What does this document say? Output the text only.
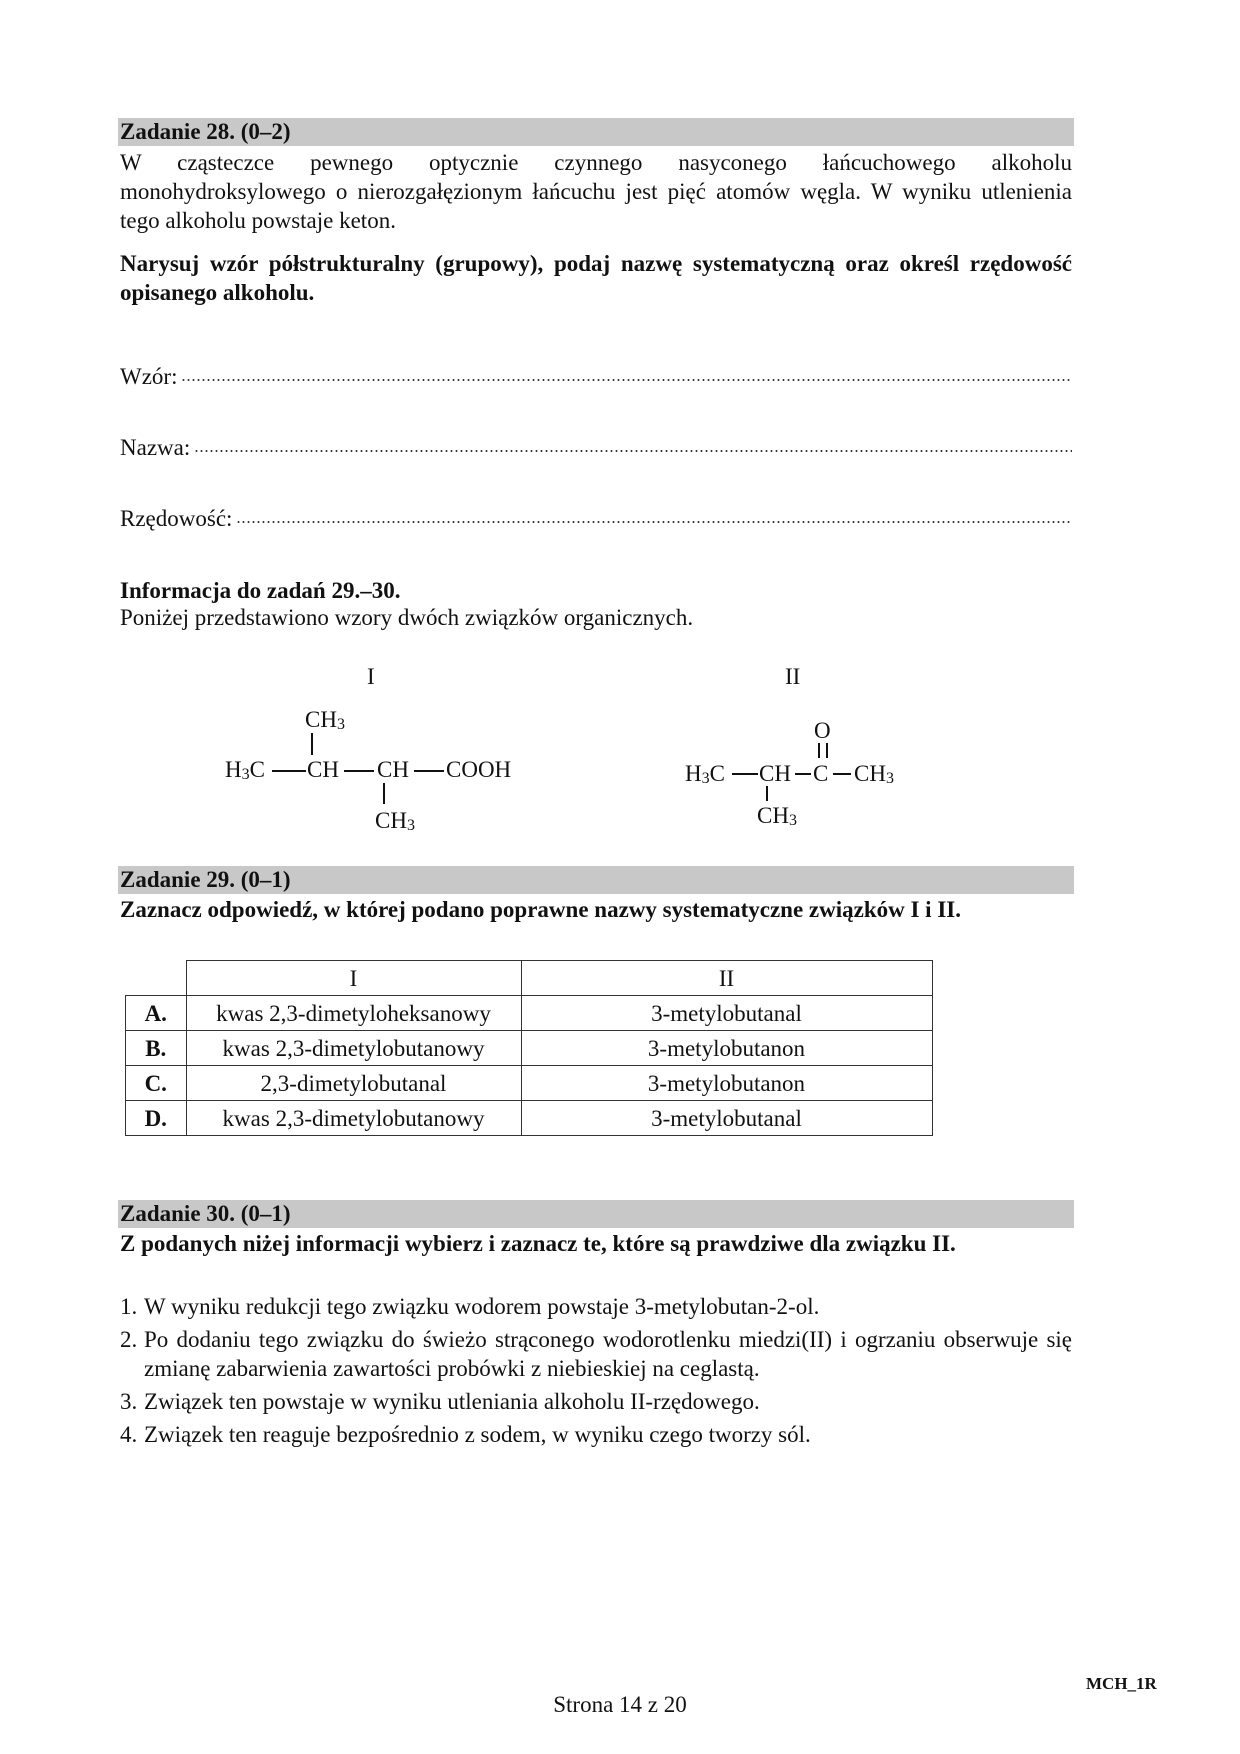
Zadanie 28. (0–2)
W cząsteczce pewnego optycznie czynnego nasyconego łańcuchowego alkoholu monohydroksylowego o nierozgałęzionym łańcuchu jest pięć atomów węgla. W wyniku utlenienia tego alkoholu powstaje keton.
Narysuj wzór półstrukturalny (grupowy), podaj nazwę systematyczną oraz określ rzędowość opisanego alkoholu.
Wzór:
Nazwa:
Rzędowość:
Informacja do zadań 29.–30.
Poniżej przedstawiono wzory dwóch związków organicznych.
I
$CH_3$
$H_3C$ CH CH COOH
$CH_3$
II
O
$H_3C$ CH C $CH_3$
$CH_3$
Zadanie 29. (0–1)
Zaznacz odpowiedź, w której podano poprawne nazwy systematyczne związków I i II.
	I	II
A.	kwas 2,3-dimetyloheksanowy	3-metylobutanal
B.	kwas 2,3-dimetylobutanowy	3-metylobutanon
C.	2,3-dimetylobutanal	3-metylobutanon
D.	kwas 2,3-dimetylobutanowy	3-metylobutanal
Zadanie 30. (0–1)
Z podanych niżej informacji wybierz i zaznacz te, które są prawdziwe dla związku II.
1. W wyniku redukcji tego związku wodorem powstaje 3-metylobutan-2-ol.
2. Po dodaniu tego związku do świeżo strąconego wodorotlenku miedzi(II) i ogrzaniu obserwuje się zmianę zabarwienia zawartości probówki z niebieskiej na ceglastą.
3. Związek ten powstaje w wyniku utleniania alkoholu II-rzędowego.
4. Związek ten reaguje bezpośrednio z sodem, w wyniku czego tworzy sól.
Strona 14 z 20
MCH_1R
